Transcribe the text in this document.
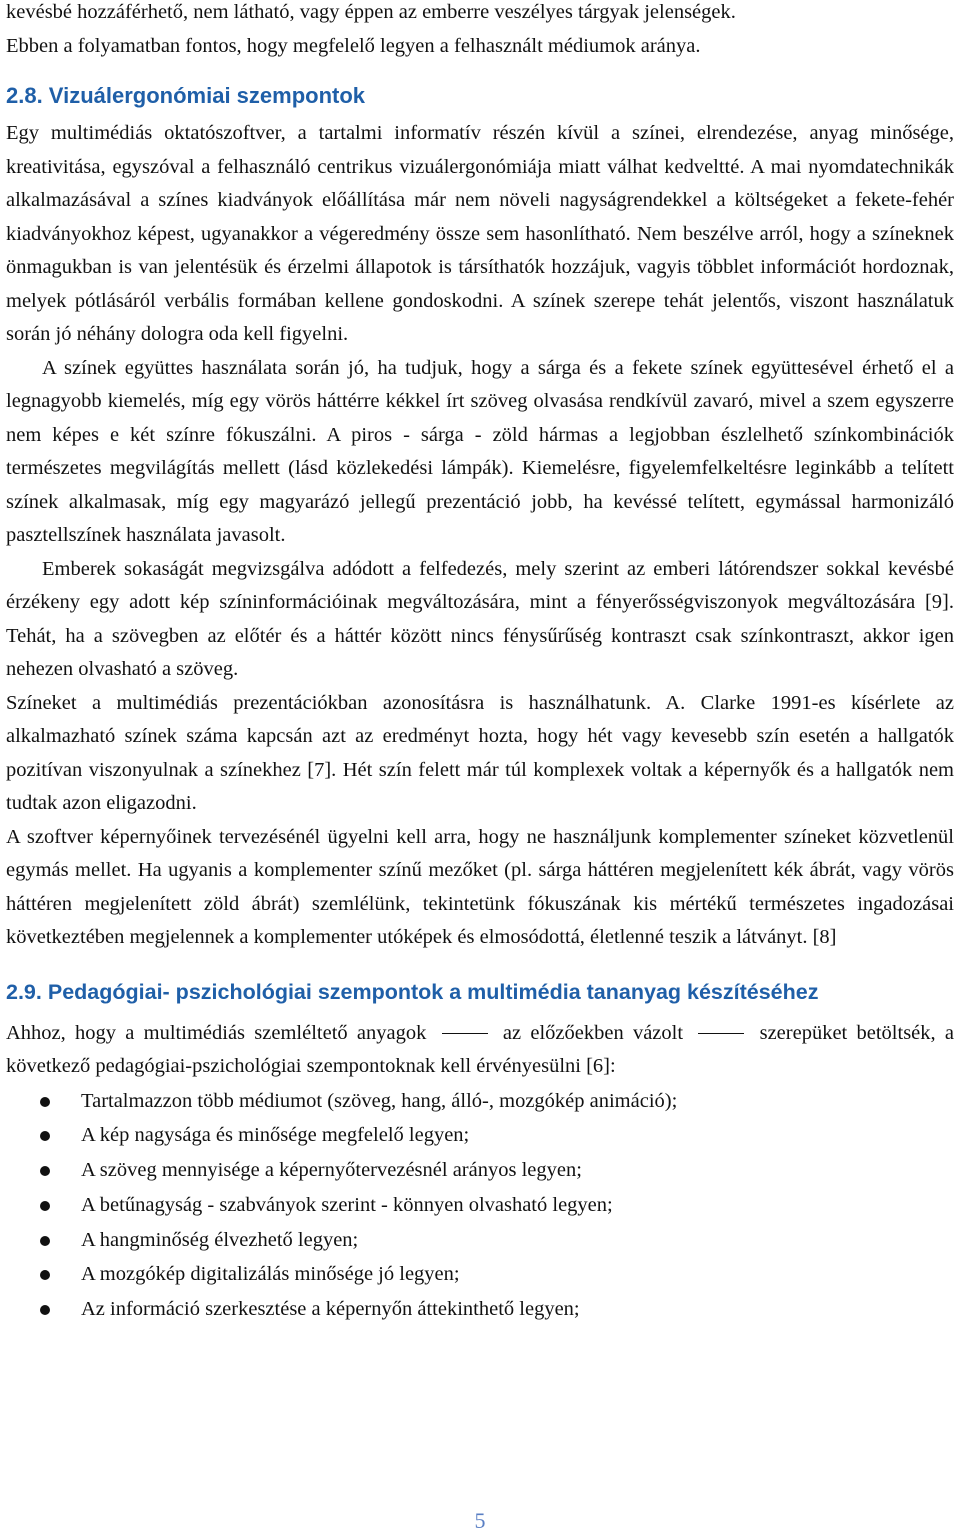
kevésbé hozzáférhető, nem látható, vagy éppen az emberre veszélyes tárgyak jelenségek.

Ebben a folyamatban fontos, hogy megfelelő legyen a felhasznált médiumok aránya.

2.8. Vizuálergonómiai szempontok

Egy multimédiás oktatószoftver, a tartalmi informatív részén kívül a színei, elrendezése, anyag minősége, kreativitása, egyszóval a felhasználó centrikus vizuálergonómiája miatt válhat kedveltté. A mai nyomdatechnikák alkalmazásával a színes kiadványok előállítása már nem növeli nagyságrendekkel a költségeket a fekete-fehér kiadványokhoz képest, ugyanakkor a végeredmény össze sem hasonlítható. Nem beszélve arról, hogy a színeknek önmagukban is van jelentésük és érzelmi állapotok is társíthatók hozzájuk, vagyis többlet információt hordoznak, melyek pótlásáról verbális formában kellene gondoskodni. A színek szerepe tehát jelentős, viszont használatuk során jó néhány dologra oda kell figyelni.

A színek együttes használata során jó, ha tudjuk, hogy a sárga és a fekete színek együttesével érhető el a legnagyobb kiemelés, míg egy vörös háttérre kékkel írt szöveg olvasása rendkívül zavaró, mivel a szem egyszerre nem képes e két színre fókuszálni. A piros - sárga - zöld hármas a legjobban észlelhető színkombinációk természetes megvilágítás mellett (lásd közlekedési lámpák). Kiemelésre, figyelemfelkeltésre leginkább a telített színek alkalmasak, míg egy magyarázó jellegű prezentáció jobb, ha kevéssé telített, egymással harmonizáló pasztellszínek használata javasolt.

Emberek sokaságát megvizsgálva adódott a felfedezés, mely szerint az emberi látórendszer sokkal kevésbé érzékeny egy adott kép színinformációinak megváltozására, mint a fényerősségviszonyok megváltozására [9]. Tehát, ha a szövegben az előtér és a háttér között nincs fénysűrűség kontraszt csak színkontraszt, akkor igen nehezen olvasható a szöveg.

Színeket a multimédiás prezentációkban azonosításra is használhatunk. A. Clarke 1991-es kísérlete az alkalmazható színek száma kapcsán azt az eredményt hozta, hogy hét vagy kevesebb szín esetén a hallgatók pozitívan viszonyulnak a színekhez [7]. Hét szín felett már túl komplexek voltak a képernyők és a hallgatók nem tudtak azon eligazodni.

A szoftver képernyőinek tervezésénél ügyelni kell arra, hogy ne használjunk komplementer színeket közvetlenül egymás mellet. Ha ugyanis a komplementer színű mezőket (pl. sárga háttéren megjelenített kék ábrát, vagy vörös háttéren megjelenített zöld ábrát) szemlélünk, tekintetünk fókuszának kis mértékű természetes ingadozásai következtében megjelennek a komplementer utóképek és elmosódottá, életlenné teszik a látványt. [8]

2.9. Pedagógiai- pszichológiai szempontok a multimédia tananyag készítéséhez

Ahhoz, hogy a multimédiás szemléltető anyagok	az előzőekben vázolt	szerepüket betöltsék, a következő pedagógiai-pszichológiai szempontoknak kell érvényesülni [6]:

Tartalmazzon több médiumot (szöveg, hang, álló-, mozgókép animáció);
A kép nagysága és minősége megfelelő legyen;
A szöveg mennyisége a képernyőtervezésnél arányos legyen;
A betűnagyság - szabványok szerint - könnyen olvasható legyen;
A hangminőség élvezhető legyen;
A mozgókép digitalizálás minősége jó legyen;
Az információ szerkesztése a képernyőn áttekinthető legyen;
5
